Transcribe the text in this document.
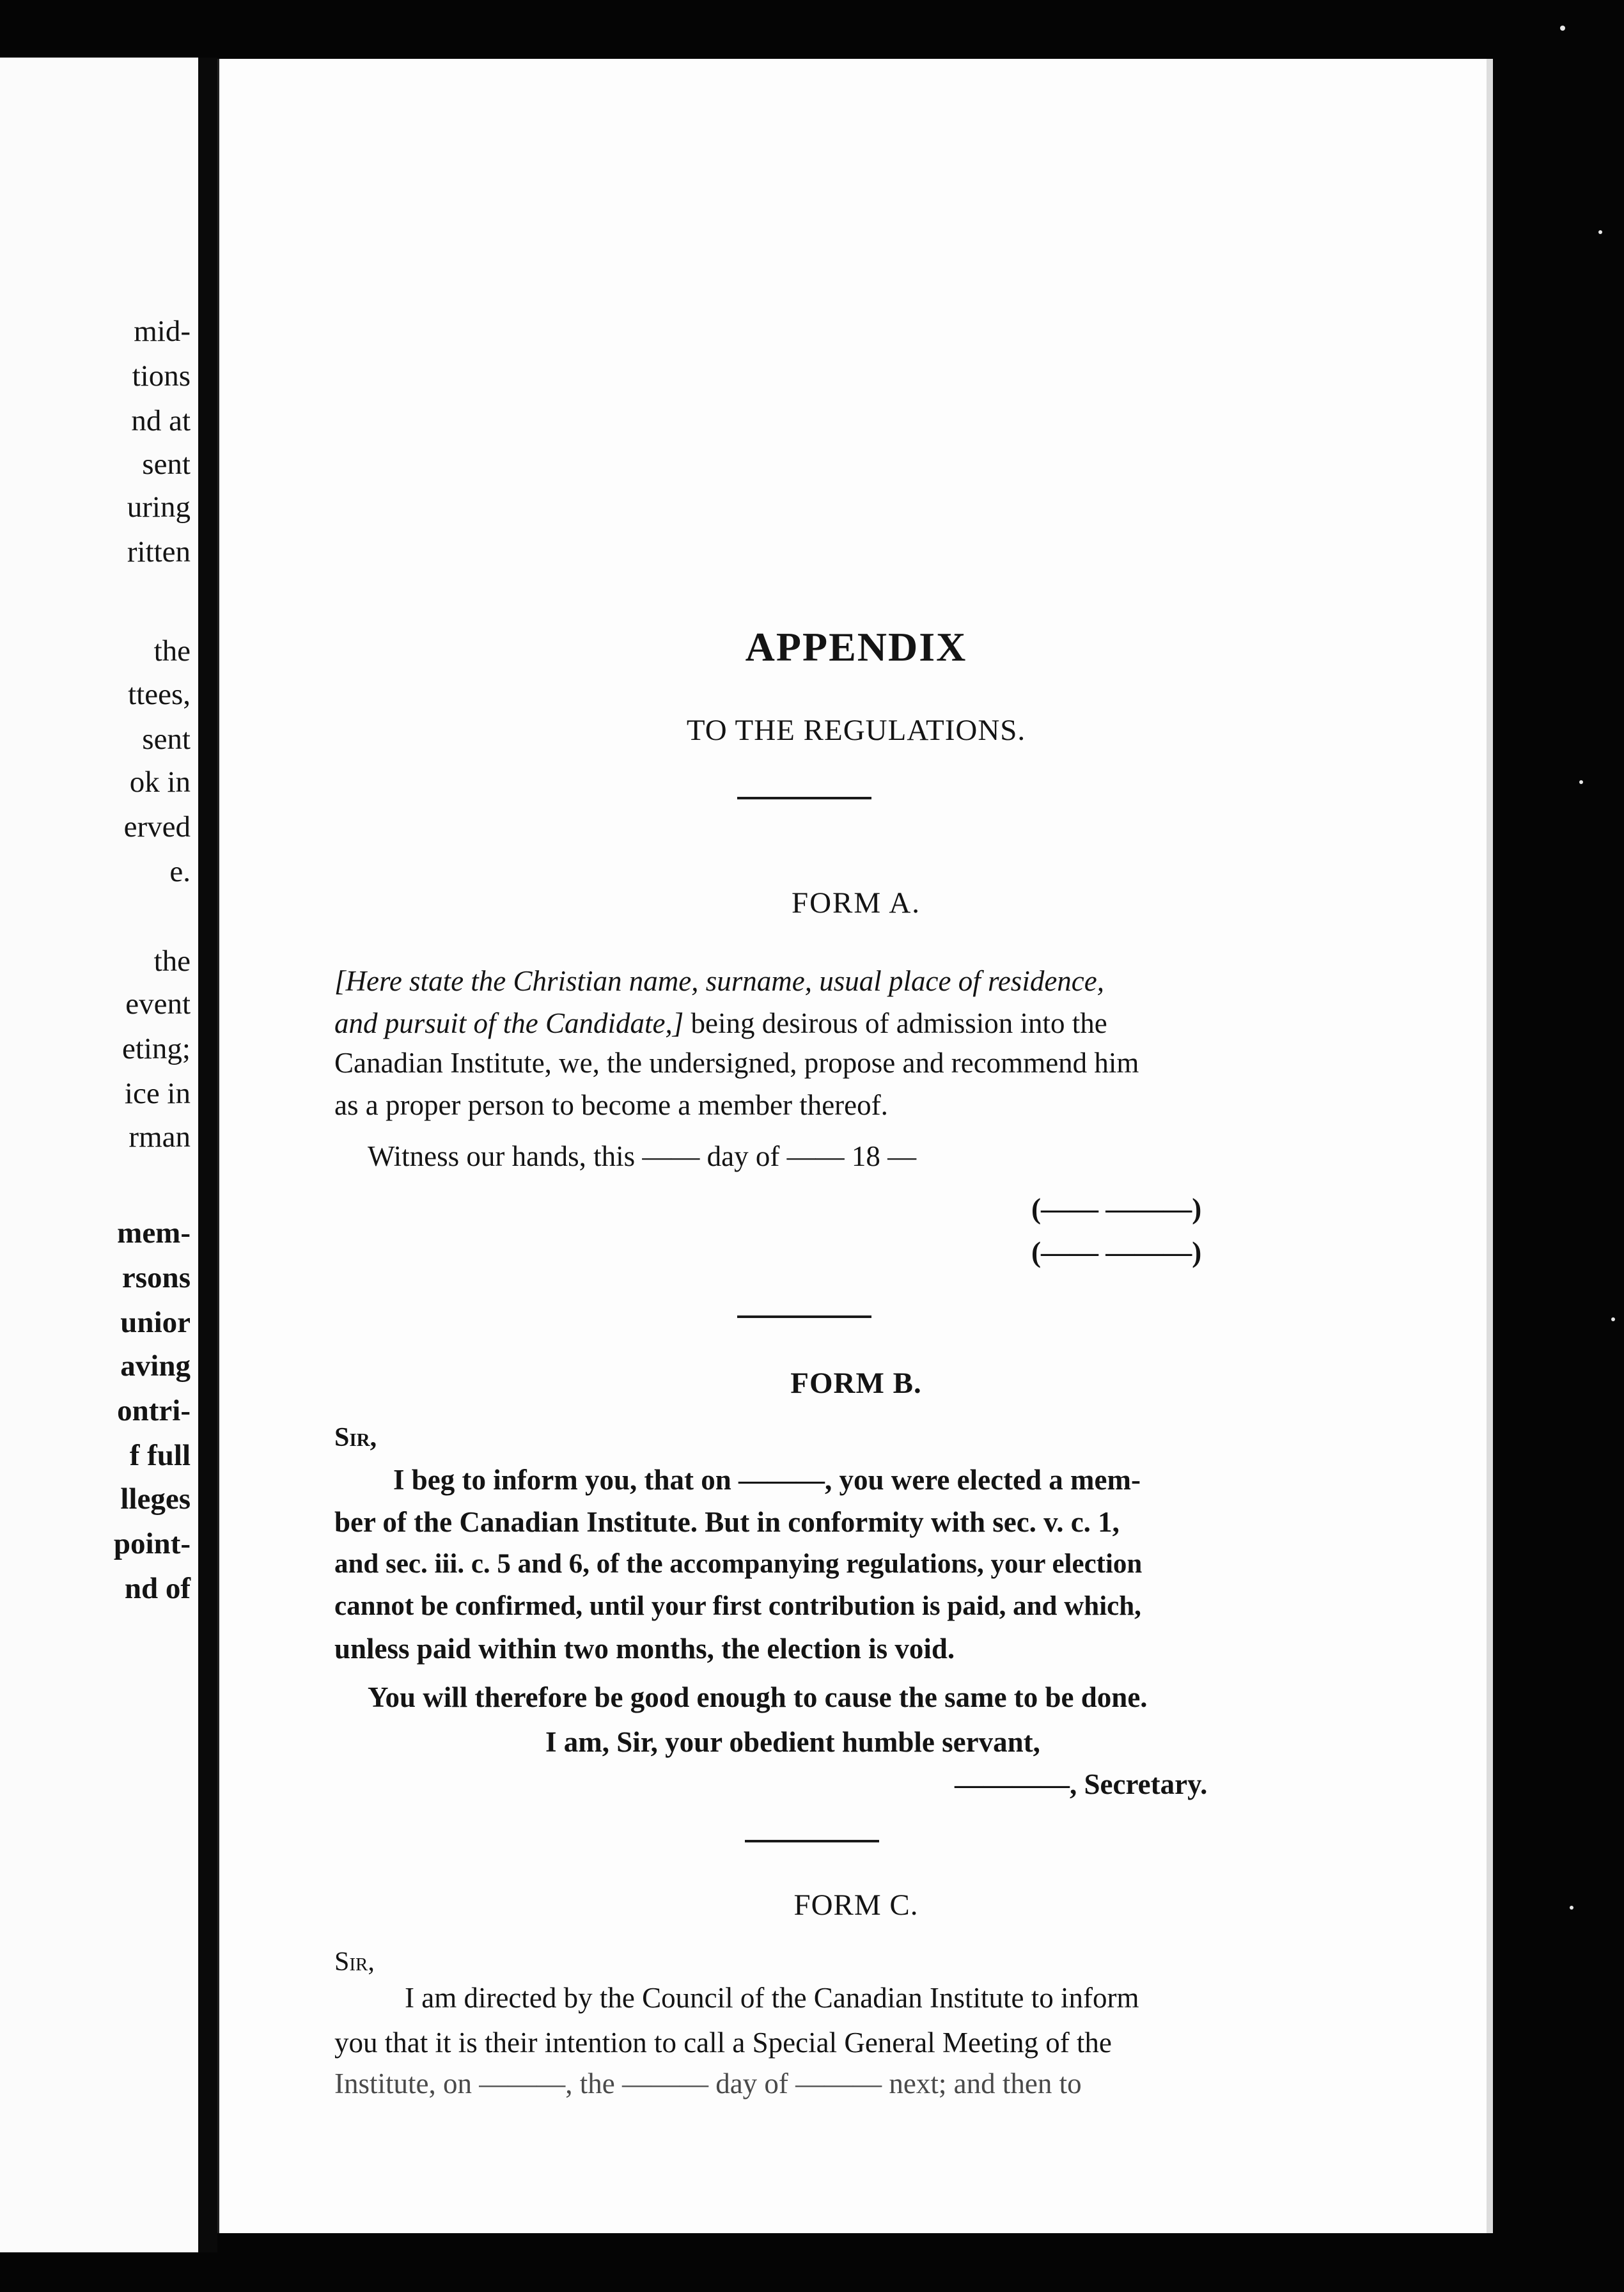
mid-
tions
nd at
sent
uring
ritten
the
ttees,
sent
ok in
erved
e.
the
event
eting;
ice in
rman
mem-
rsons
unior
aving
ontri-
f full
lleges
point-
nd of
APPENDIX
TO THE REGULATIONS.
FORM A.
[Here state the Christian name, surname, usual place of residence,
and pursuit of the Candidate,] being desirous of admission into the
Canadian Institute, we, the undersigned, propose and recommend him
as a proper person to become a member thereof.
Witness our hands, this —— day of —— 18 —
(—— ———)
(—— ———)
FORM B.
Sir,
I beg to inform you, that on ———, you were elected a mem-
ber of the Canadian Institute. But in conformity with sec. v. c. 1,
and sec. iii. c. 5 and 6, of the accompanying regulations, your election
cannot be confirmed, until your first contribution is paid, and which,
unless paid within two months, the election is void.
You will therefore be good enough to cause the same to be done.
I am, Sir, your obedient humble servant,
————, Secretary.
FORM C.
Sir,
I am directed by the Council of the Canadian Institute to inform
you that it is their intention to call a Special General Meeting of the
Institute, on ———, the ——— day of ——— next; and then to
